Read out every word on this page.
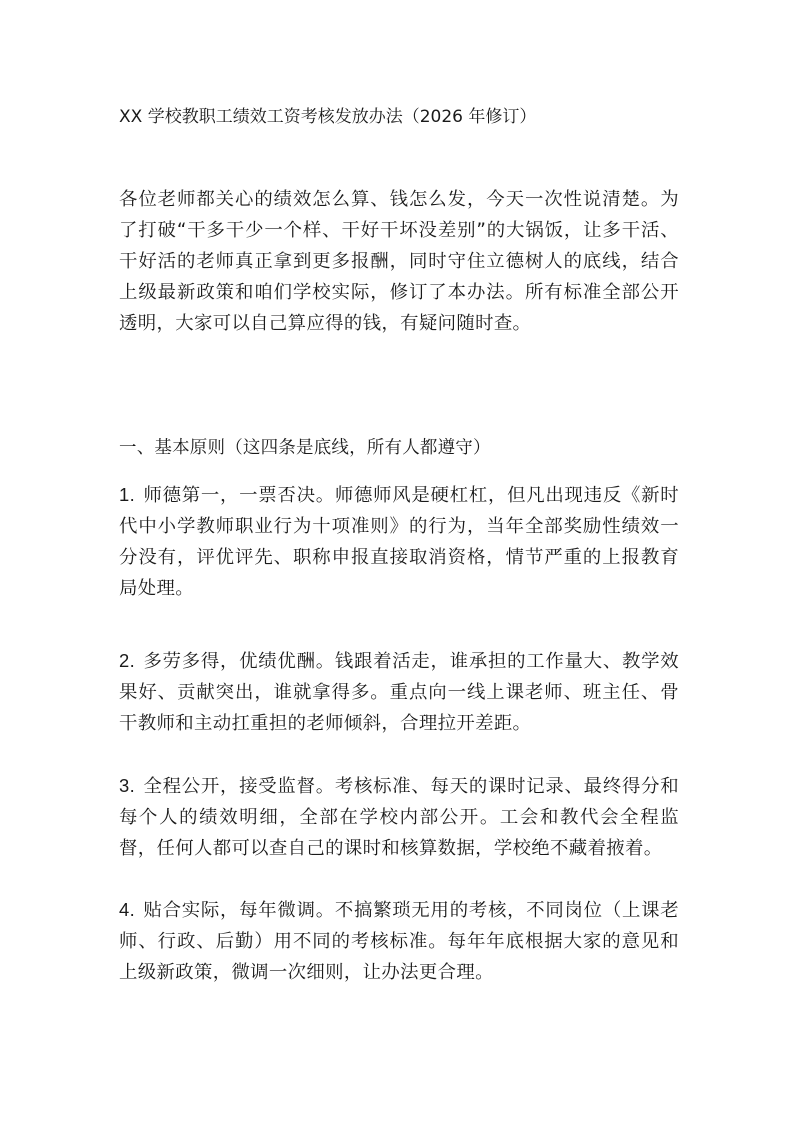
XX 学校教职工绩效工资考核发放办法（2026 年修订）

各位老师都关心的绩效怎么算、钱怎么发，今天一次性说清楚。为了打破“干多干少一个样、干好干坏没差别”的大锅饭，让多干活、干好活的老师真正拿到更多报酬，同时守住立德树人的底线，结合上级最新政策和咱们学校实际，修订了本办法。所有标准全部公开透明，大家可以自己算应得的钱，有疑问随时查。

一、基本原则（这四条是底线，所有人都遵守）

1. 师德第一，一票否决。师德师风是硬杠杠，但凡出现违反《新时代中小学教师职业行为十项准则》的行为，当年全部奖励性绩效一分没有，评优评先、职称申报直接取消资格，情节严重的上报教育局处理。

2. 多劳多得，优绩优酬。钱跟着活走，谁承担的工作量大、教学效果好、贡献突出，谁就拿得多。重点向一线上课老师、班主任、骨干教师和主动扛重担的老师倾斜，合理拉开差距。

3. 全程公开，接受监督。考核标准、每天的课时记录、最终得分和每个人的绩效明细，全部在学校内部公开。工会和教代会全程监督，任何人都可以查自己的课时和核算数据，学校绝不藏着掖着。

4. 贴合实际，每年微调。不搞繁琐无用的考核，不同岗位（上课老师、行政、后勤）用不同的考核标准。每年年底根据大家的意见和上级新政策，微调一次细则，让办法更合理。
